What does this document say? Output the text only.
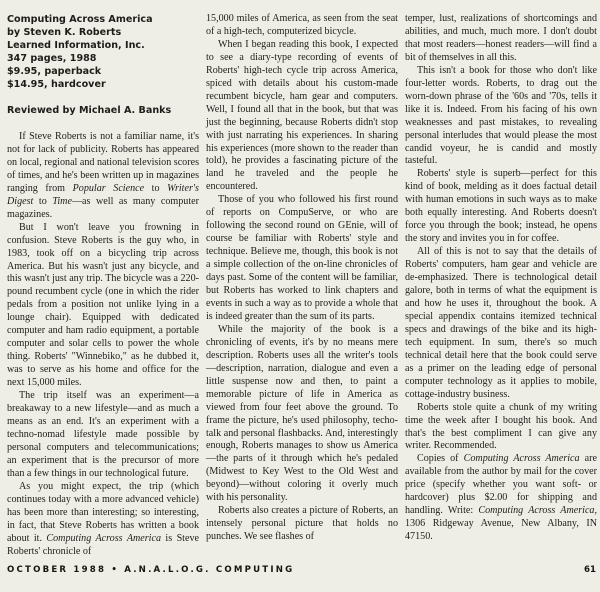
Computing Across America
by Steven K. Roberts
Learned Information, Inc.
347 pages, 1988
$9.95, paperback
$14.95, hardcover
Reviewed by Michael A. Banks

If Steve Roberts is not a familiar name, it's not for lack of publicity. Roberts has appeared on local, regional and national television scores of times, and he's been written up in magazines ranging from Popular Science to Writer's Digest to Time—as well as many computer magazines.

But I won't leave you frowning in confusion. Steve Roberts is the guy who, in 1983, took off on a bicycling trip across America. But his wasn't just any bicycle, and this wasn't just any trip. The bicycle was a 220-pound recumbent cycle (one in which the rider pedals from a position not unlike lying in a lounge chair). Equipped with dedicated computer and ham radio equipment, a portable computer and solar cells to power the whole thing. Roberts' "Winnebiko," as he dubbed it, was to serve as his home and office for the next 15,000 miles.

The trip itself was an experiment—a breakaway to a new lifestyle—and as much a means as an end. It's an experiment with a techno-nomad lifestyle made possible by personal computers and telecommunications; an experiment that is the precursor of more than a few things in our technological future.

As you might expect, the trip (which continues today with a more advanced vehicle) has been more than interesting; so interesting, in fact, that Steve Roberts has written a book about it. Computing Across America is Steve Roberts' chronicle of

15,000 miles of America, as seen from the seat of a high-tech, computerized bicycle.

When I began reading this book, I expected to see a diary-type recording of events of Roberts' high-tech cycle trip across America, spiced with details about his custom-made recumbent bicycle, ham gear and computers. Well, I found all that in the book, but that was just the beginning, because Roberts didn't stop with just narrating his experiences. In sharing his experiences (more shown to the reader than told), he provides a fascinating picture of the land he traveled and the people he encountered.

Those of you who followed his first round of reports on CompuServe, or who are following the second round on GEnie, will of course be familiar with Roberts' style and technique. Believe me, though, this book is not a simple collection of the on-line chronicles of days past. Some of the content will be familiar, but Roberts has worked to link chapters and events in such a way as to provide a whole that is indeed greater than the sum of its parts.

While the majority of the book is a chronicling of events, it's by no means mere description. Roberts uses all the writer's tools—description, narration, dialogue and even a little suspense now and then, to paint a memorable picture of life in America as viewed from four feet above the ground. To frame the picture, he's used philosophy, techo-talk and personal flashbacks. And, interestingly enough, Roberts manages to show us America—the parts of it through which he's pedaled (Midwest to Key West to the Old West and beyond)—without coloring it overly much with his personality.

Roberts also creates a picture of Roberts, an intensely personal picture that holds no punches. We see flashes of

temper, lust, realizations of shortcomings and abilities, and much, much more. I don't doubt that most readers—honest readers—will find a bit of themselves in all this.

This isn't a book for those who don't like four-letter words. Roberts, to drag out the worn-down phrase of the '60s and '70s, tells it like it is. Indeed. From his facing of his own weaknesses and past mistakes, to revealing personal interludes that would please the most candid voyeur, he is candid and mostly tasteful.

Roberts' style is superb—perfect for this kind of book, melding as it does factual detail with human emotions in such ways as to make both equally interesting. And Roberts doesn't force you through the book; instead, he opens the story and invites you in for coffee.

All of this is not to say that the details of Roberts' computers, ham gear and vehicle are de-emphasized. There is technological detail galore, both in terms of what the equipment is and how he uses it, throughout the book. A special appendix contains itemized technical specs and drawings of the bike and its high-tech equipment. In sum, there's so much technical detail here that the book could serve as a primer on the leading edge of personal computer technology as it applies to mobile, cottage-industry business.

Roberts stole quite a chunk of my writing time the week after I bought his book. And that's the best compliment I can give any writer. Recommended.

Copies of Computing Across America are available from the author by mail for the cover price (specify whether you want soft- or hardcover) plus $2.00 for shipping and handling. Write: Computing Across America, 1306 Ridgeway Avenue, New Albany, IN 47150.

OCTOBER 1988 • A.N.A.L.O.G. COMPUTING	61
